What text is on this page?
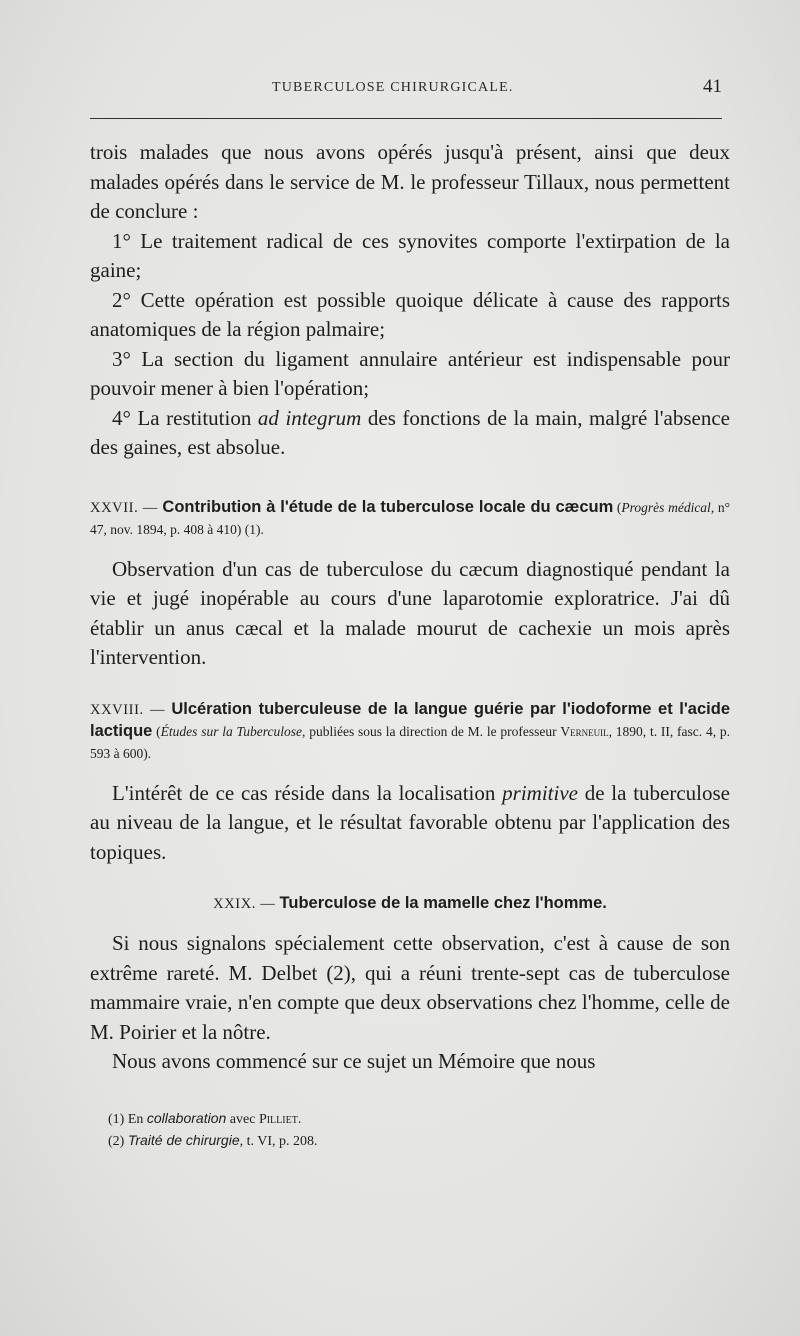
TUBERCULOSE CHIRURGICALE.	41

trois malades que nous avons opérés jusqu'à présent, ainsi que deux malades opérés dans le service de M. le professeur Tillaux, nous permettent de conclure :

1° Le traitement radical de ces synovites comporte l'extirpation de la gaine;

2° Cette opération est possible quoique délicate à cause des rapports anatomiques de la région palmaire;

3° La section du ligament annulaire antérieur est indispensable pour pouvoir mener à bien l'opération;

4° La restitution ad integrum des fonctions de la main, malgré l'absence des gaines, est absolue.

XXVII. — Contribution à l'étude de la tuberculose locale du cæcum (Progrès médical, n° 47, nov. 1894, p. 408 à 410) (1).

Observation d'un cas de tuberculose du cæcum diagnostiqué pendant la vie et jugé inopérable au cours d'une laparotomie exploratrice. J'ai dû établir un anus cæcal et la malade mourut de cachexie un mois après l'intervention.

XXVIII. — Ulcération tuberculeuse de la langue guérie par l'iodoforme et l'acide lactique (Études sur la Tuberculose, publiées sous la direction de M. le professeur Verneuil, 1890, t. II, fasc. 4, p. 593 à 600).

L'intérêt de ce cas réside dans la localisation primitive de la tuberculose au niveau de la langue, et le résultat favorable obtenu par l'application des topiques.

XXIX. — Tuberculose de la mamelle chez l'homme.

Si nous signalons spécialement cette observation, c'est à cause de son extrême rareté. M. Delbet (2), qui a réuni trente-sept cas de tuberculose mammaire vraie, n'en compte que deux observations chez l'homme, celle de M. Poirier et la nôtre.

Nous avons commencé sur ce sujet un Mémoire que nous

(1) En collaboration avec Pilliet.

(2) Traité de chirurgie, t. VI, p. 208.
